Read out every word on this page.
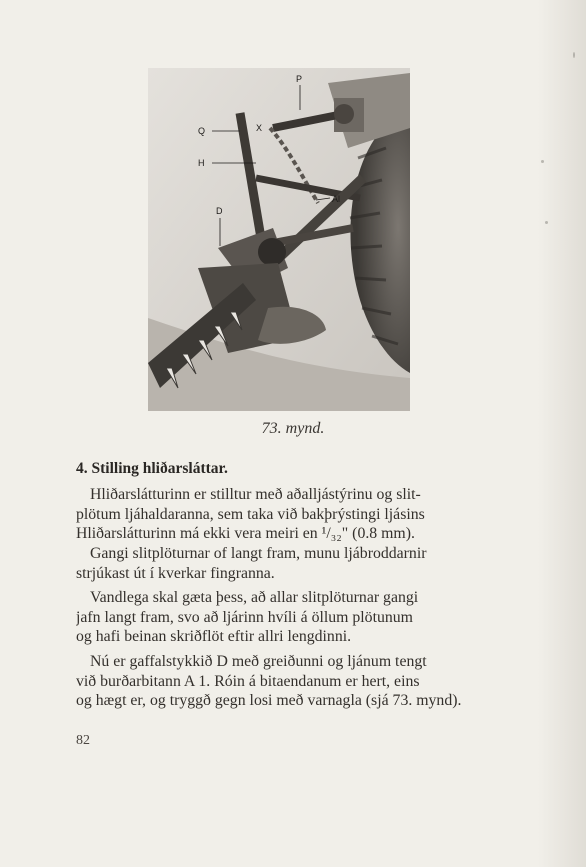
P
Q	X
H
Al
D
73. mynd.
4. Stilling hliðarsláttar.
Hliðarslátturinn er stilltur með aðalljástýrinu og slit-
plötum ljáhaldaranna, sem taka við bakþrýstingi ljásins
Hliðarslátturinn má ekki vera meiri en ¹/₃₂" (0.8 mm).
Gangi slitplöturnar of langt fram, munu ljábroddarnir
strjúkast út í kverkar fingranna.
Vandlega skal gæta þess, að allar slitplöturnar gangi
jafn langt fram, svo að ljárinn hvíli á öllum plötunum
og hafi beinan skriðflöt eftir allri lengdinni.
Nú er gaffalstykkið D með greiðunni og ljánum tengt
við burðarbitann A 1. Róin á bitaendanum er hert, eins
og hægt er, og tryggð gegn losi með varnagla (sjá 73. mynd).
82
